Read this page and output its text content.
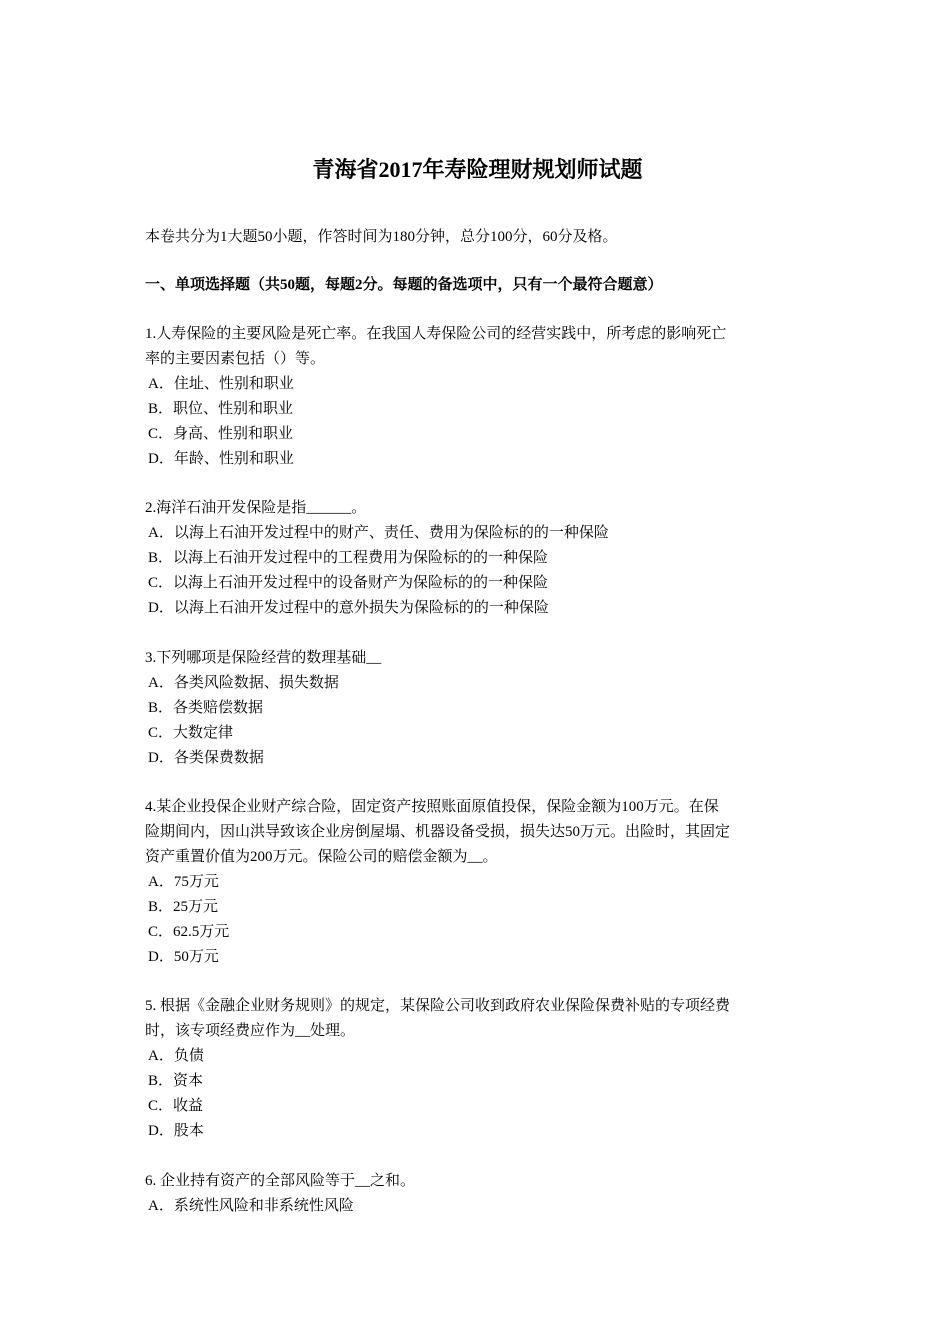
青海省2017年寿险理财规划师试题
本卷共分为1大题50小题，作答时间为180分钟，总分100分，60分及格。
一、单项选择题（共50题，每题2分。每题的备选项中，只有一个最符合题意）

1.人寿保险的主要风险是死亡率。在我国人寿保险公司的经营实践中，所考虑的影响死亡
率的主要因素包括（）等。

A．住址、性别和职业

B．职位、性别和职业

C．身高、性别和职业

D．年龄、性别和职业

2.海洋石油开发保险是指______。

A．以海上石油开发过程中的财产、责任、费用为保险标的的一种保险

B．以海上石油开发过程中的工程费用为保险标的的一种保险

C．以海上石油开发过程中的设备财产为保险标的的一种保险

D．以海上石油开发过程中的意外损失为保险标的的一种保险

3.下列哪项是保险经营的数理基础__

A．各类风险数据、损失数据

B．各类赔偿数据

C．大数定律

D．各类保费数据

4.某企业投保企业财产综合险，固定资产按照账面原值投保，保险金额为100万元。在保
险期间内，因山洪导致该企业房倒屋塌、机器设备受损，损失达50万元。出险时，其固定
资产重置价值为200万元。保险公司的赔偿金额为__。

A．75万元

B．25万元

C．62.5万元

D．50万元

5. 根据《金融企业财务规则》的规定，某保险公司收到政府农业保险保费补贴的专项经费
时，该专项经费应作为__处理。

A．负债

B．资本

C．收益

D．股本

6. 企业持有资产的全部风险等于__之和。

A．系统性风险和非系统性风险
